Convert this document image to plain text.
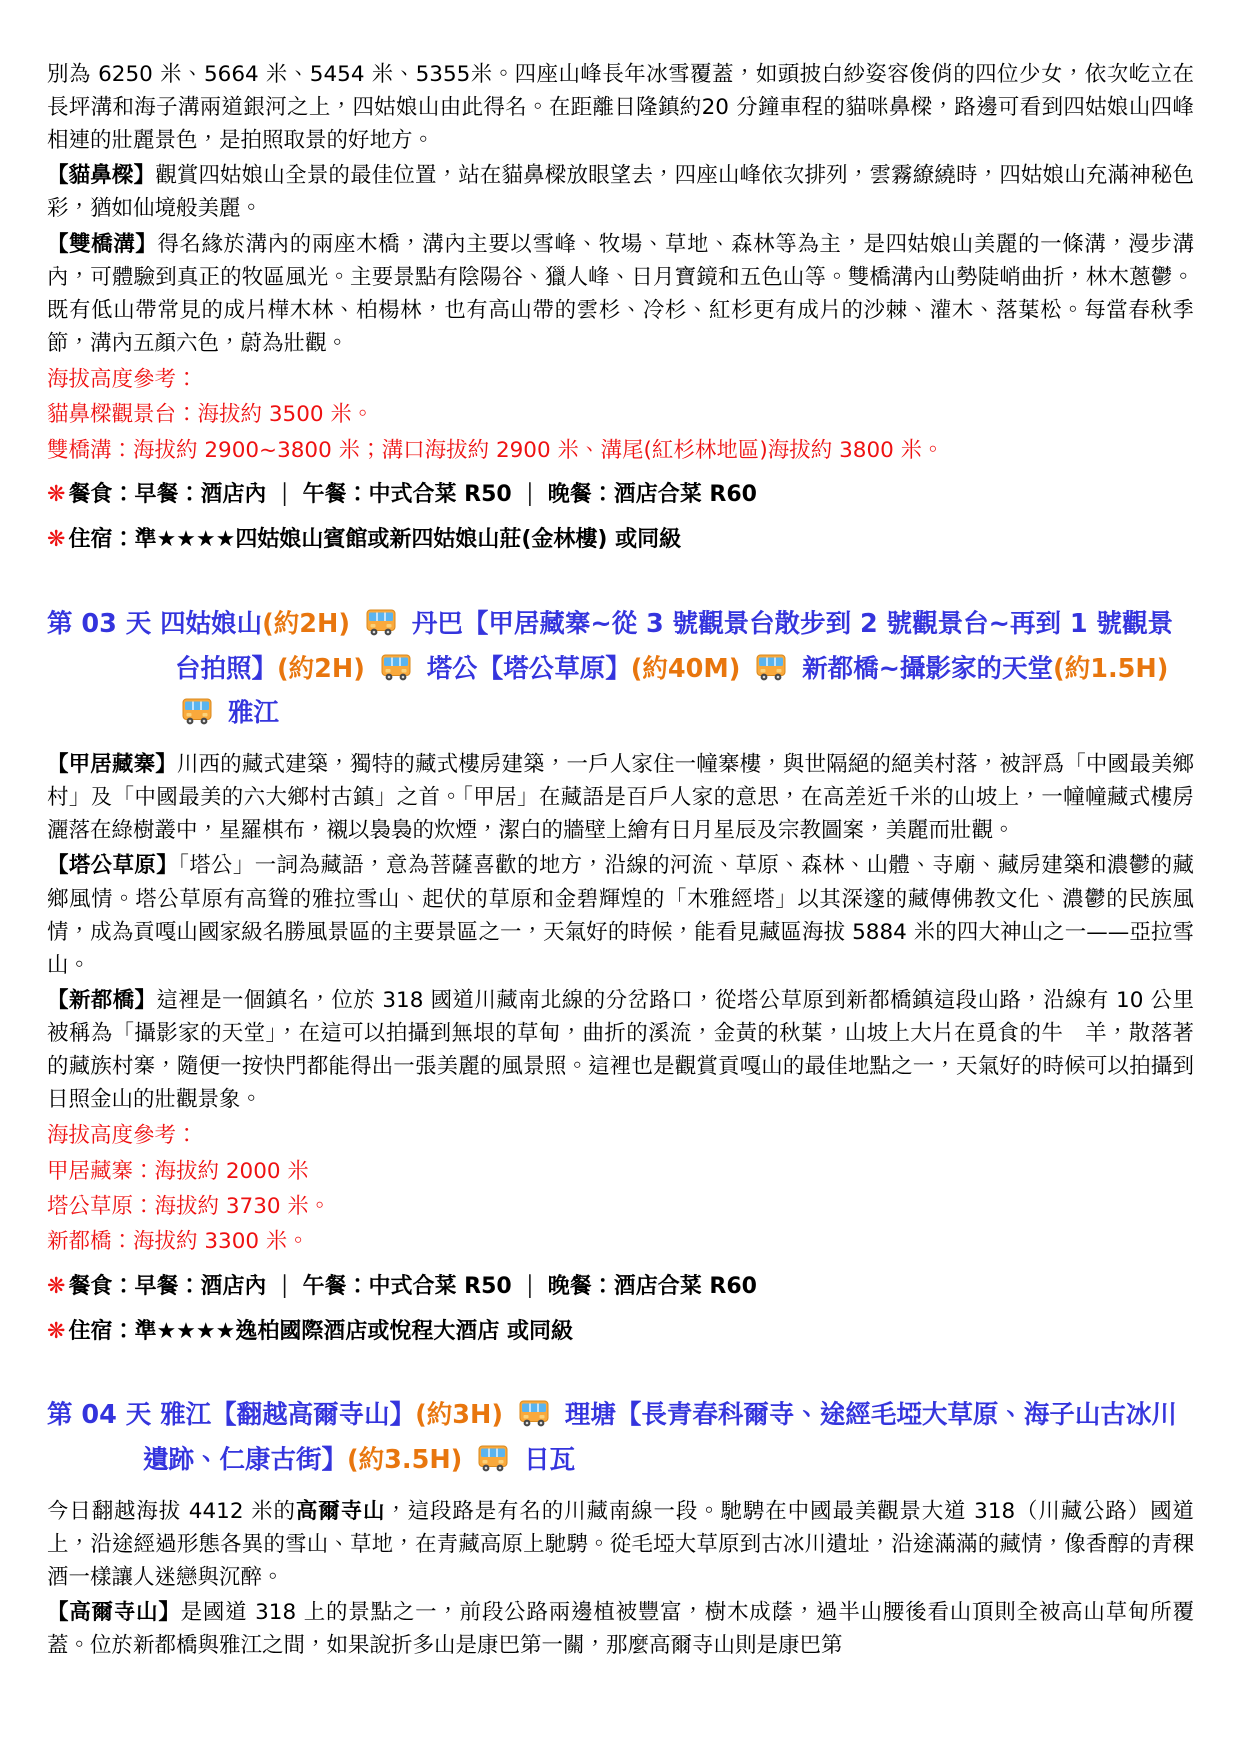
別為 6250 米、5664 米、5454 米、5355米。四座山峰長年冰雪覆蓋，如頭披白紗姿容俊俏的四位少女，依次屹立在長坪溝和海子溝兩道銀河之上，四姑娘山由此得名。在距離日隆鎮約20 分鐘車程的貓咪鼻樑，路邊可看到四姑娘山四峰相連的壯麗景色，是拍照取景的好地方。
【貓鼻樑】觀賞四姑娘山全景的最佳位置，站在貓鼻樑放眼望去，四座山峰依次排列，雲霧繚繞時，四姑娘山充滿神秘色彩，猶如仙境般美麗。
【雙橋溝】得名緣於溝內的兩座木橋，溝內主要以雪峰、牧場、草地、森林等為主，是四姑娘山美麗的一條溝，漫步溝內，可體驗到真正的牧區風光。主要景點有陰陽谷、獵人峰、日月寶鏡和五色山等。雙橋溝內山勢陡峭曲折，林木蔥鬱。既有低山帶常見的成片樺木林、柏楊林，也有高山帶的雲杉、冷杉、紅杉更有成片的沙棘、灌木、落葉松。每當春秋季節，溝內五顏六色，蔚為壯觀。
海拔高度參考：
貓鼻樑觀景台：海拔約 3500 米。
雙橋溝：海拔約 2900~3800 米；溝口海拔約 2900 米、溝尾(紅杉林地區)海拔約 3800 米。
❋ 餐食：早餐：酒店內 │ 午餐：中式合菜 R50 │ 晚餐：酒店合菜 R60
❋ 住宿：準★★★★四姑娘山賓館或新四姑娘山莊(金林樓) 或同級
第 03 天 四姑娘山(約2H) 丹巴【甲居藏寨~從 3 號觀景台散步到 2 號觀景台~再到 1 號觀景台拍照】(約2H) 塔公【塔公草原】(約40M) 新都橋~攝影家的天堂(約1.5H)  雅江
【甲居藏寨】川西的藏式建築，獨特的藏式樓房建築，一戶人家住一幢寨樓，與世隔絕的絕美村落，被評爲「中國最美鄉村」及「中國最美的六大鄉村古鎮」之首。「甲居」在藏語是百戶人家的意思，在高差近千米的山坡上，一幢幢藏式樓房灑落在綠樹叢中，星羅棋布，襯以裊裊的炊煙，潔白的牆壁上繪有日月星辰及宗教圖案，美麗而壯觀。
【塔公草原】「塔公」一詞為藏語，意為菩薩喜歡的地方，沿線的河流、草原、森林、山體、寺廟、藏房建築和濃鬱的藏鄉風情。塔公草原有高聳的雅拉雪山、起伏的草原和金碧輝煌的「木雅經塔」以其深邃的藏傳佛教文化、濃鬱的民族風情，成為貢嘎山國家級名勝風景區的主要景區之一，天氣好的時候，能看見藏區海拔 5884 米的四大神山之一——亞拉雪山。
【新都橋】這裡是一個鎮名，位於 318 國道川藏南北線的分岔路口，從塔公草原到新都橋鎮這段山路，沿線有 10 公里被稱為「攝影家的天堂」，在這可以拍攝到無垠的草甸，曲折的溪流，金黃的秋葉，山坡上大片在覓食的牛　羊，散落著的藏族村寨，隨便一按快門都能得出一張美麗的風景照。這裡也是觀賞貢嘎山的最佳地點之一，天氣好的時候可以拍攝到日照金山的壯觀景象。
海拔高度參考：
甲居藏寨：海拔約 2000 米
塔公草原：海拔約 3730 米。
新都橋：海拔約 3300 米。
❋ 餐食：早餐：酒店內 │ 午餐：中式合菜 R50 │ 晚餐：酒店合菜 R60
❋ 住宿：準★★★★逸柏國際酒店或悅程大酒店 或同級
第 04 天 雅江【翻越高爾寺山】(約3H) 理塘【長青春科爾寺、途經毛埡大草原、海子山古冰川遺跡、仁康古街】(約3.5H) 日瓦
今日翻越海拔 4412 米的高爾寺山，這段路是有名的川藏南線一段。馳騁在中國最美觀景大道 318（川藏公路）國道上，沿途經過形態各異的雪山、草地，在青藏高原上馳騁。從毛埡大草原到古冰川遺址，沿途滿滿的藏情，像香醇的青稞酒一樣讓人迷戀與沉醉。
【高爾寺山】是國道 318 上的景點之一，前段公路兩邊植被豐富，樹木成蔭，過半山腰後看山頂則全被高山草甸所覆蓋。位於新都橋與雅江之間，如果說折多山是康巴第一關，那麼高爾寺山則是康巴第
